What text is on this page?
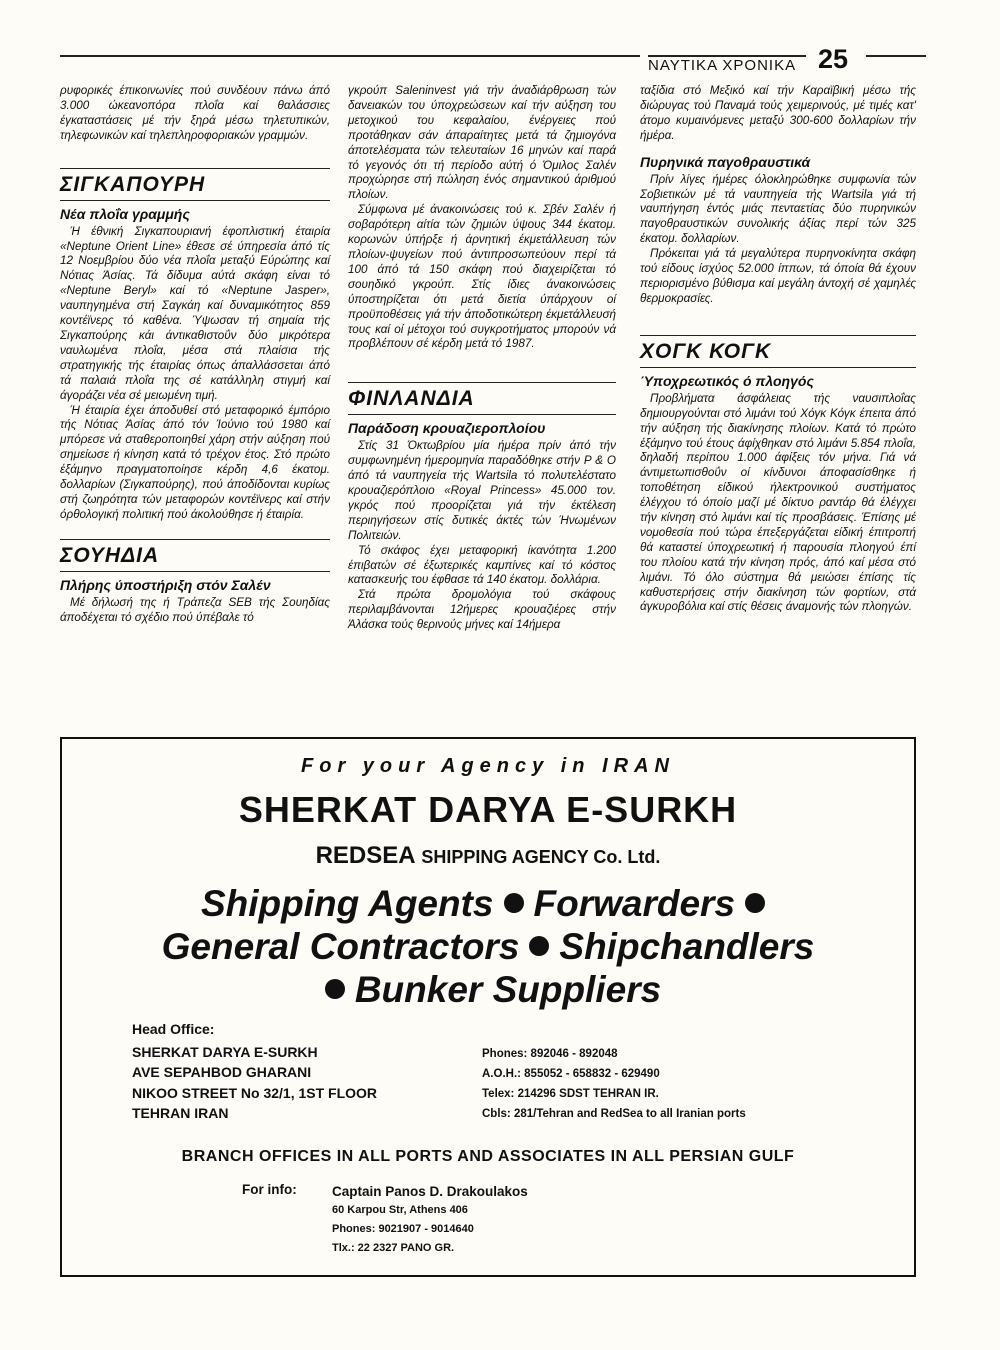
ΝΑΥΤΙΚΑ ΧΡΟΝΙΚΑ 25

ρυφορικές έπικοινωνίες πού συνδέουν πάνω άπό 3.000 ώκεανοπόρα πλοΐα καί θαλάσσιες έγκαταστάσεις μέ τήν ξηρά μέσω τηλετυπικών, τηλεφωνικών καί τηλεπληροφοριακών γραμμών.

ΣΙΓΚΑΠΟΥΡΗ
Νέα πλοΐα γραμμής

Ή έθνική Σιγκαπουριανή έφοπλιστική έταιρία «Neptune Orient Line» έθεσε σέ ύπηρεσία άπό τίς 12 Νοεμβρίου δύο νέα πλοΐα μεταξύ Εύρώπης καί Νότιας Άσίας. Τά δίδυμα αύτά σκάφη είναι τό «Neptune Beryl» καί τό «Neptune Jasper», ναυπηγημένα στή Σαγκάη καί δυναμικότητος 859 κοντέϊνερς τό καθένα. Ύψωσαν τή σημαία τής Σιγκαπούρης κάι άντικαθιστοΰν δύο μικρότερα ναυλωμένα πλοΐα, μέσα στά πλαίσια τής στρατηγικής τής έταιρίας όπως άπαλλάσσεται άπό τά παλαιά πλοΐα της σέ κατάλληλη στιγμή καί άγοράζει νέα σέ μειωμένη τιμή.

Ή έταιρία έχει άποδυθεί στό μεταφορικό έμπόριο τής Νότιας Άσίας άπό τόν Ίούνιο τού 1980 καί μπόρεσε νά σταθεροποιηθεί χάρη στήν αύξηση πού σημείωσε ή κίνηση κατά τό τρέχον έτος. Στό πρώτο έξάμηνο πραγματοποίησε κέρδη 4,6 έκατομ. δολλαρίων (Σιγκαπούρης), πού άποδίδονται κυρίως στή ζωηρότητα τών μεταφορών κοντέϊνερς καί στήν όρθολογική πολιτική πού άκολούθησε ή έταιρία.

ΣΟΥΗΔΙΑ
Πλήρης ύποστήριξη στόν Σαλέν

Μέ δήλωσή της ή Τράπεζα SEB τής Σουηδίας άποδέχεται τό σχέδιο πού ύπέβαλε τό

γκρούπ Saleninvest γιά τήν άναδιάρθρωση τών δανειακών του ύποχρεώσεων καί τήν αύξηση του μετοχικού του κεφαλαίου, ένέργειες πού προτάθηκαν σάν άπαραίτητες μετά τά ζημιογόνα άποτελέσματα τών τελευταίων 16 μηνών καί παρά τό γεγονός ότι τή περίοδο αύτή ό Όμιλος Σαλέν προχώρησε στή πώληση ένός σημαντικού άριθμού πλοίων.

Σύμφωνα μέ άνακοινώσεις τού κ. Σβέν Σαλέν ή σοβαρότερη αίτία τών ζημιών ύψους 344 έκατομ. κορωνών ύπήρξε ή άρνητική έκμετάλλευση τών πλοίων-ψυγείων πού άντιπροσωπεύουν περί τά 100 άπό τά 150 σκάφη πού διαχειρίζεται τό σουηδικό γκρούπ. Στίς ίδιες άνακοινώσεις ύποστηρίζεται ότι μετά διετία ύπάρχουν οί προϋποθέσεις γιά τήν άποδοτικώτερη έκμετάλλευσή τους καί οί μέτοχοι τού συγκροτήματος μπορούν νά προβλέπουν σέ κέρδη μετά τό 1987.

ΦΙΝΛΑΝΔΙΑ
Παράδοση κρουαζιερoπλοίου

Στίς 31 Όκτωβρίου μία ήμέρα πρίν άπό τήν συμφωνημένη ήμερομηνία παραδόθηκε στήν P & O άπό τά ναυπηγεία τής Wartsila τό πολυτελέστατο κρουαζιερόπλοιο «Royal Princess» 45.000 τον. γκρός πού προορίζεται γιά τήν έκτέλεση περιηγήσεων στίς δυτικές άκτές τών Ήνωμένων Πολιτειών.

Τό σκάφος έχει μεταφορική ίκανότητα 1.200 έπιβατών σέ έξωτερικές καμπίνες καί τό κόστος κατασκευής του έφθασε τά 140 έκατομ. δολλάρια.

Στά πρώτα δρομολόγια τού σκάφους περιλαμβάνονται 12ήμερες κρουαζιέρες στήν Άλάσκα τούς θερινούς μήνες καί 14ήμερα

ταξίδια στό Μεξικό καί τήν Καραϊβική μέσω τής διώρυγας τού Παναμά τούς χειμερινούς, μέ τιμές κατ' άτομο κυμαινόμενες μεταξύ 300-600 δολλαρίων τήν ήμέρα.

Πυρηνικά παγοθραυστικά

Πρίν λίγες ήμέρες όλοκληρώθηκε συμφωνία τών Σοβιετικών μέ τά ναυπηγεία τής Wartsila γιά τή ναυπήγηση έντός μιάς πενταετίας δύο πυρηνικών παγοθραυστικών συνολικής άξίας περί τών 325 έκατομ. δολλαρίων.

Πρόκειται γιά τά μεγαλύτερα πυρηνοκίνητα σκάφη τού είδους ίσχύος 52.000 ίππων, τά όποία θά έχουν περιορισμένο βύθισμα καί μεγάλη άντοχή σέ χαμηλές θερμοκρασίες.

ΧΟΓΚ ΚΟΓΚ
Ύποχρεωτικός ό πλοηγός

Προβλήματα άσφάλειας τής ναυσιπλοΐας δημιουργούνται στό λιμάνι τού Χόγκ Κόγκ έπειτα άπό τήν αύξηση τής διακίνησης πλοίων. Κατά τό πρώτο έξάμηνο τού έτους άφίχθηκαν στό λιμάνι 5.854 πλοΐα, δηλαδή περίπου 1.000 άφίξεις τόν μήνα. Γιά νά άντιμετωπισθοΰν οί κίνδυνοι άποφασίσθηκε ή τοποθέτηση είδικού ήλεκτρονικού συστήματος έλέγχου τό όποίο μαζί μέ δίκτυο ραντάρ θά έλέγχει τήν κίνηση στό λιμάνι καί τίς προσβάσεις. Έπίσης μέ νομοθεσία πού τώρα έπεξεργάζεται είδική έπιτροπή θά καταστεί ύποχρεωτική ή παρουσία πλοηγού έπί του πλοίου κατά τήν κίνηση πρός, άπό καί μέσα στό λιμάνι. Τό όλο σύστημα θά μειώσει έπίσης τίς καθυστερήσεις στήν διακίνηση τών φορτίων, στά άγκυροβόλια καί στίς θέσεις άναμονής τών πλοηγών.

For your Agency in IRAN
SHERKAT DARYA E-SURKH
REDSEA SHIPPING AGENCY Co. Ltd.
Shipping Agents Forwarders
General Contractors Shipchandlers
Bunker Suppliers
Head Office:
SHERKAT DARYA E-SURKH
AVE SEPAHBOD GHARANI
NIKOO STREET No 32/1, 1ST FLOOR
TEHRAN IRAN
Phones: 892046 - 892048
A.O.H.: 855052 - 658832 - 629490
Telex: 214296 SDST TEHRAN IR.
Cbls: 281/Tehran and RedSea to all Iranian ports
BRANCH OFFICES IN ALL PORTS AND ASSOCIATES IN ALL PERSIAN GULF
For info:	Captain Panos D. Drakoulakos
60 Karpou Str, Athens 406
Phones: 9021907 - 9014640
Tlx.: 22 2327 PANO GR.
